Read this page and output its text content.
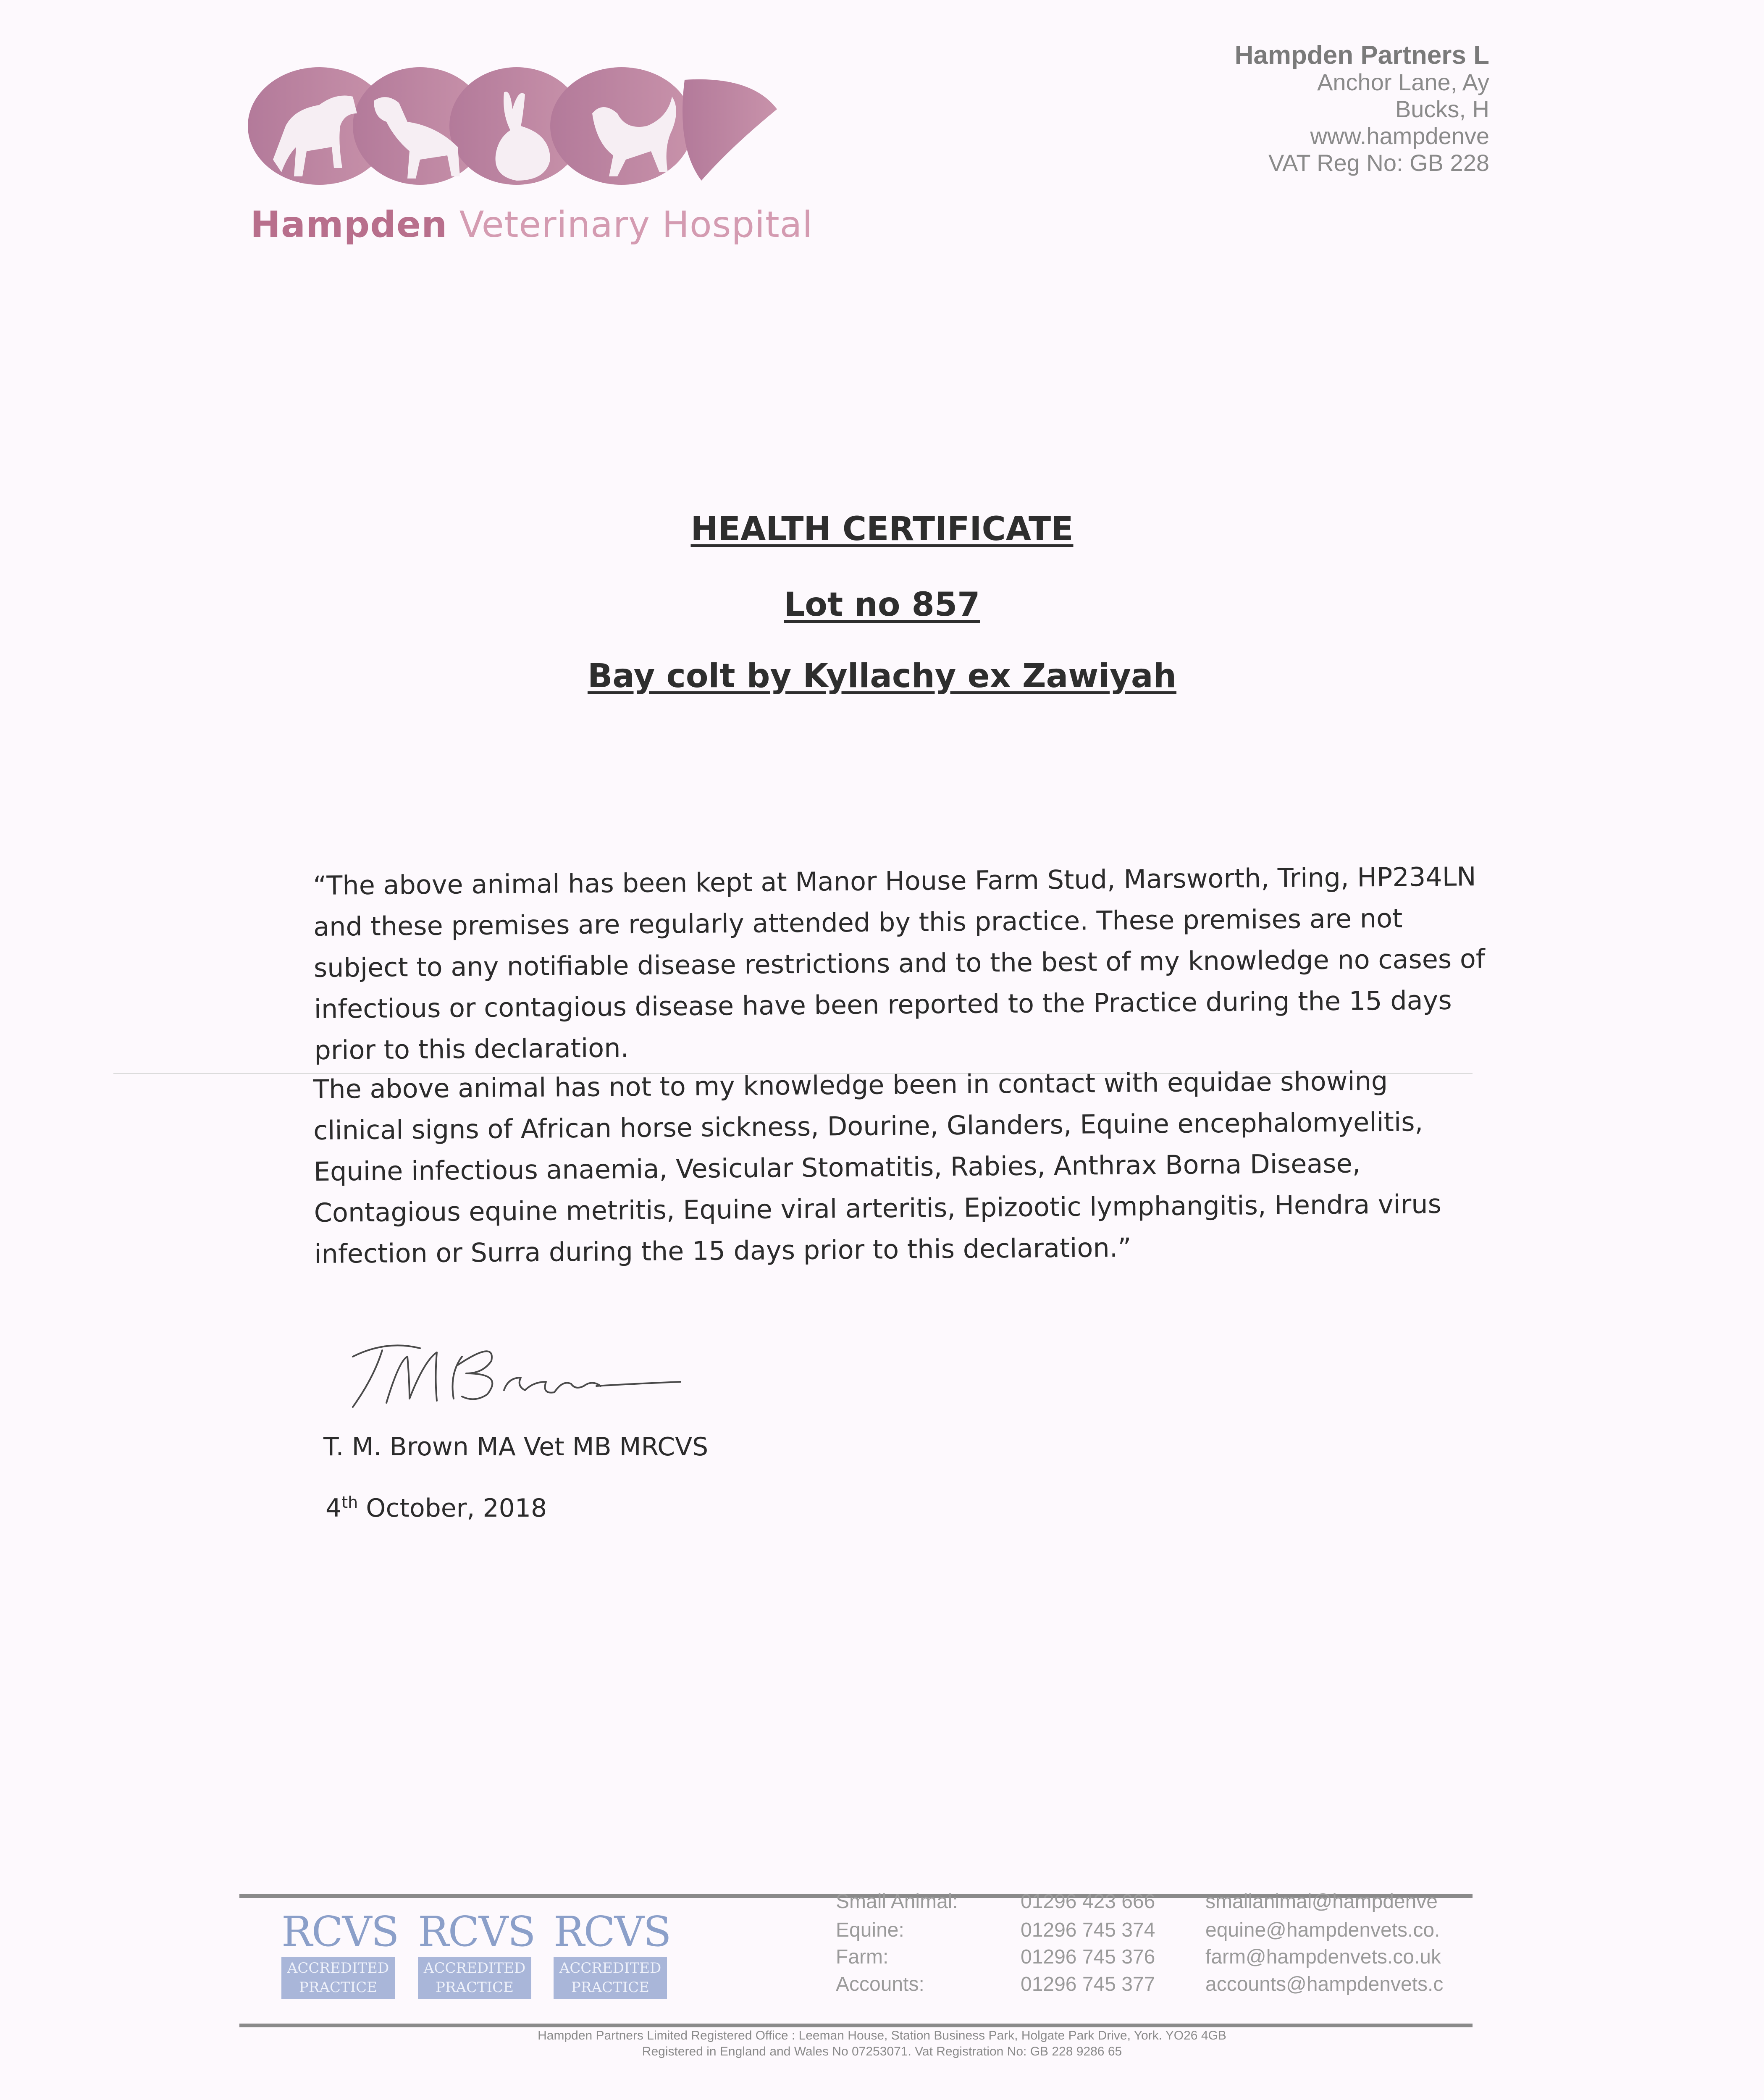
Hampden Veterinary Hospital
Hampden Partners L
Anchor Lane, Ay
Bucks, H
www.hampdenve
VAT Reg No: GB 228
HEALTH CERTIFICATE
Lot no 857
Bay colt by Kyllachy ex Zawiyah
“The above animal has been kept at Manor House Farm Stud, Marsworth, Tring, HP234LN and these premises are regularly attended by this practice. These premises are not subject to any notifiable disease restrictions and to the best of my knowledge no cases of infectious or contagious disease have been reported to the Practice during the 15 days prior to this declaration.
The above animal has not to my knowledge been in contact with equidae showing clinical signs of African horse sickness, Dourine, Glanders, Equine encephalomyelitis, Equine infectious anaemia, Vesicular Stomatitis, Rabies, Anthrax Borna Disease, Contagious equine metritis, Equine viral arteritis, Epizootic lymphangitis, Hendra virus infection or Surra during the 15 days prior to this declaration.”
T. M. Brown MA Vet MB MRCVS
4th October, 2018
RCVS
ACCREDITED
PRACTICE
RCVS
ACCREDITED
PRACTICE
RCVS
ACCREDITED
PRACTICE
Small Animal:	01296 423 666 smallanimal@hampdenve
Equine:	01296 745 374 equine@hampdenvets.co.
Farm:	01296 745 376 farm@hampdenvets.co.uk
Accounts:	01296 745 377 accounts@hampdenvets.c
Hampden Partners Limited Registered Office : Leeman House, Station Business Park, Holgate Park Drive, York. YO26 4GB
Registered in England and Wales No 07253071. Vat Registration No: GB 228 9286 65
